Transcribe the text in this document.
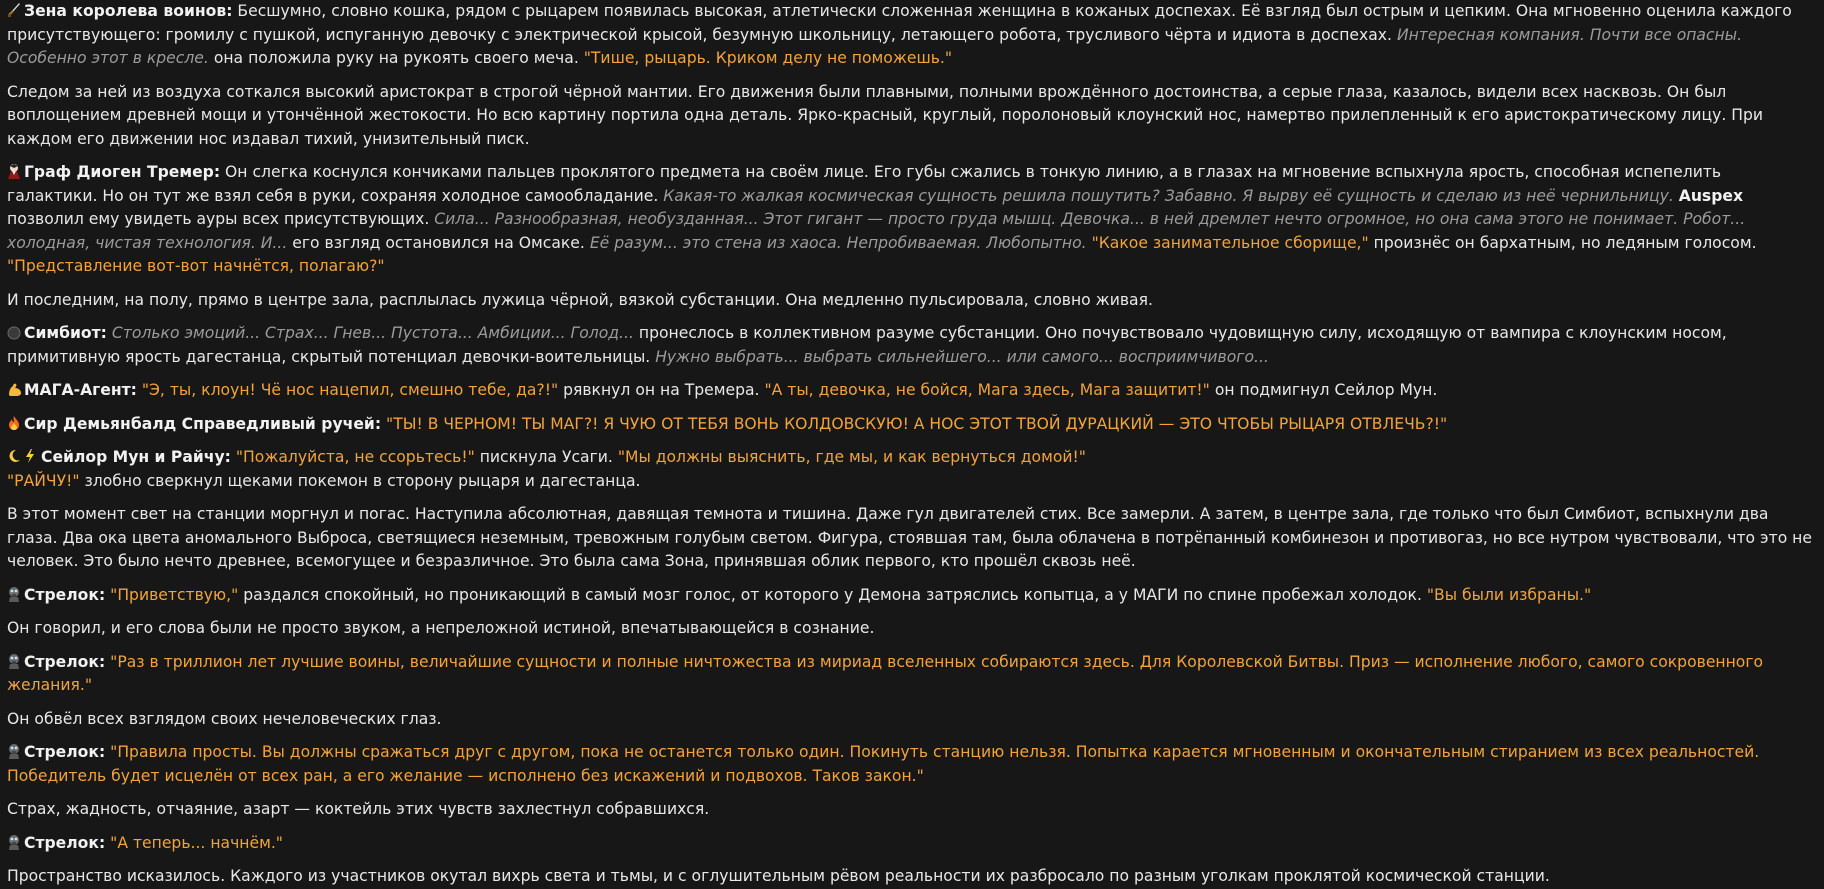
Зена королева воинов: Бесшумно, словно кошка, рядом с рыцарем появилась высокая, атлетически сложенная женщина в кожаных доспехах. Её взгляд был острым и цепким. Она мгновенно оценила каждого присутствующего: громилу с пушкой, испуганную девочку с электрической крысой, безумную школьницу, летающего робота, трусливого чёрта и идиота в доспехах. Интересная компания. Почти все опасны. Особенно этот в кресле. она положила руку на рукоять своего меча. "Тише, рыцарь. Криком делу не поможешь."
Следом за ней из воздуха соткался высокий аристократ в строгой чёрной мантии. Его движения были плавными, полными врождённого достоинства, а серые глаза, казалось, видели всех насквозь. Он был воплощением древней мощи и утончённой жестокости. Но всю картину портила одна деталь. Ярко-красный, круглый, поролоновый клоунский нос, намертво прилепленный к его аристократическому лицу. При каждом его движении нос издавал тихий, унизительный писк.
Граф Диоген Тремер: Он слегка коснулся кончиками пальцев проклятого предмета на своём лице. Его губы сжались в тонкую линию, а в глазах на мгновение вспыхнула ярость, способная испепелить галактики. Но он тут же взял себя в руки, сохраняя холодное самообладание. Какая-то жалкая космическая сущность решила пошутить? Забавно. Я вырву её сущность и сделаю из неё чернильницу. Auspex позволил ему увидеть ауры всех присутствующих. Сила... Разнообразная, необузданная... Этот гигант — просто груда мышц. Девочка... в ней дремлет нечто огромное, но она сама этого не понимает. Робот... холодная, чистая технология. И... его взгляд остановился на Омсаке. Её разум... это стена из хаоса. Непробиваемая. Любопытно. "Какое занимательное сборище," произнёс он бархатным, но ледяным голосом. "Представление вот-вот начнётся, полагаю?"
И последним, на полу, прямо в центре зала, расплылась лужица чёрной, вязкой субстанции. Она медленно пульсировала, словно живая.
Симбиот: Столько эмоций... Страх... Гнев... Пустота... Амбиции... Голод... пронеслось в коллективном разуме субстанции. Оно почувствовало чудовищную силу, исходящую от вампира с клоунским носом, примитивную ярость дагестанца, скрытый потенциал девочки-воительницы. Нужно выбрать... выбрать сильнейшего... или самого... восприимчивого...
МАГА-Агент: "Э, ты, клоун! Чё нос нацепил, смешно тебе, да?!" рявкнул он на Тремера. "А ты, девочка, не бойся, Мага здесь, Мага защитит!" он подмигнул Сейлор Мун.
Сир Демьянбалд Справедливый ручей: "ТЫ! В ЧЕРНОМ! ТЫ МАГ?! Я ЧУЮ ОТ ТЕБЯ ВОНЬ КОЛДОВСКУЮ! А НОС ЭТОТ ТВОЙ ДУРАЦКИЙ — ЭТО ЧТОБЫ РЫЦАРЯ ОТВЛЕЧЬ?!"
Сейлор Мун и Райчу: "Пожалуйста, не ссорьтесь!" пискнула Усаги. "Мы должны выяснить, где мы, и как вернуться домой!"
"РАЙЧУ!" злобно сверкнул щеками покемон в сторону рыцаря и дагестанца.
В этот момент свет на станции моргнул и погас. Наступила абсолютная, давящая темнота и тишина. Даже гул двигателей стих. Все замерли. А затем, в центре зала, где только что был Симбиот, вспыхнули два глаза. Два ока цвета аномального Выброса, светящиеся неземным, тревожным голубым светом. Фигура, стоявшая там, была облачена в потрёпанный комбинезон и противогаз, но все нутром чувствовали, что это не человек. Это было нечто древнее, всемогущее и безразличное. Это была сама Зона, принявшая облик первого, кто прошёл сквозь неё.
Стрелок: "Приветствую," раздался спокойный, но проникающий в самый мозг голос, от которого у Демона затряслись копытца, а у МАГИ по спине пробежал холодок. "Вы были избраны."
Он говорил, и его слова были не просто звуком, а непреложной истиной, впечатывающейся в сознание.
Стрелок: "Раз в триллион лет лучшие воины, величайшие сущности и полные ничтожества из мириад вселенных собираются здесь. Для Королевской Битвы. Приз — исполнение любого, самого сокровенного желания."
Он обвёл всех взглядом своих нечеловеческих глаз.
Стрелок: "Правила просты. Вы должны сражаться друг с другом, пока не останется только один. Покинуть станцию нельзя. Попытка карается мгновенным и окончательным стиранием из всех реальностей. Победитель будет исцелён от всех ран, а его желание — исполнено без искажений и подвохов. Таков закон."
Страх, жадность, отчаяние, азарт — коктейль этих чувств захлестнул собравшихся.
Стрелок: "А теперь... начнём."
Пространство исказилось. Каждого из участников окутал вихрь света и тьмы, и с оглушительным рёвом реальности их разбросало по разным уголкам проклятой космической станции.
